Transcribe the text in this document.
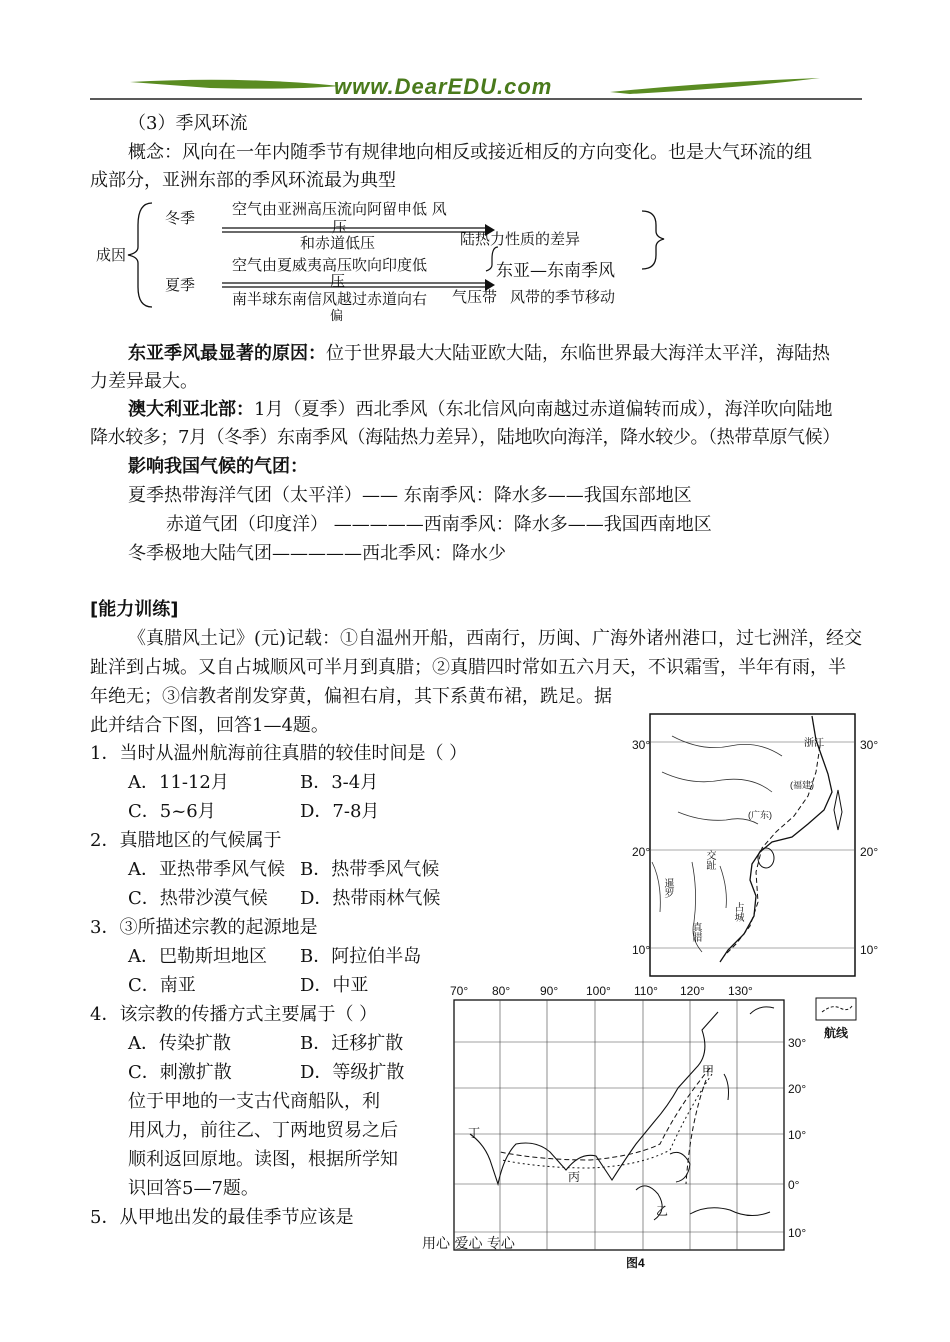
www.DearEDU.com
（3）季风环流
概念：风向在一年内随季节有规律地向相反或接近相反的方向变化。也是大气环流的组
成部分，亚洲东部的季风环流最为典型
成因
冬季 空气由亚洲高压流向阿留申低 风
压
和赤道低压	陆热力性质的差异
夏季
空气由夏威夷高压吹向印度低
压
南半球东南信风越过赤道向右
偏
气压带
东亚—东南季风
风带的季节移动
东亚季风最显著的原因：位于世界最大大陆亚欧大陆，东临世界最大海洋太平洋，海陆热
力差异最大。
澳大利亚北部：1月（夏季）西北季风（东北信风向南越过赤道偏转而成），海洋吹向陆地
降水较多；7月（冬季）东南季风（海陆热力差异），陆地吹向海洋，降水较少。（热带草原气候）
影响我国气候的气团：
夏季热带海洋气团（太平洋）—— 东南季风：降水多——我国东部地区
赤道气团（印度洋） —————西南季风：降水多——我国西南地区
冬季极地大陆气团—————西北季风：降水少
[能力训练]
《真腊风土记》(元)记载：①自温州开船，西南行，历闽、广海外诸州港口，过七洲洋，经交
趾洋到占城。又自占城顺风可半月到真腊；②真腊四时常如五六月天，不识霜雪，半年有雨，半
年绝无；③信教者削发穿黄，偏袒右肩，其下系黄布裙，跣足。据
此并结合下图，回答1—4题。
1．当时从温州航海前往真腊的较佳时间是（ ）
A．11-12月	B．3-4月
C．5~6月	D．7-8月
2．真腊地区的气候属于
A．亚热带季风气候 B．热带季风气候
C．热带沙漠气候 D．热带雨林气候
3．③所描述宗教的起源地是
A．巴勒斯坦地区 B．阿拉伯半岛
C．南亚	D．中亚
4．该宗教的传播方式主要属于（ ）
A．传染扩散	B．迁移扩散
C．刺激扩散	D．等级扩散
位于甲地的一支古代商船队，利
用风力，前往乙、丁两地贸易之后
顺利返回原地。读图，根据所学知
识回答5—7题。
5．从甲地出发的最佳季节应该是
30°
20°
10°
浙江
(福建)
(广东)
暹罗
真腊
交趾
占城
30°
20°
10°
70° 80° 90° 100° 110° 120° 130°
30°
20°
10°
0°
10°
甲
乙
丙
丁
航线
图4
用心 爱心 专心
